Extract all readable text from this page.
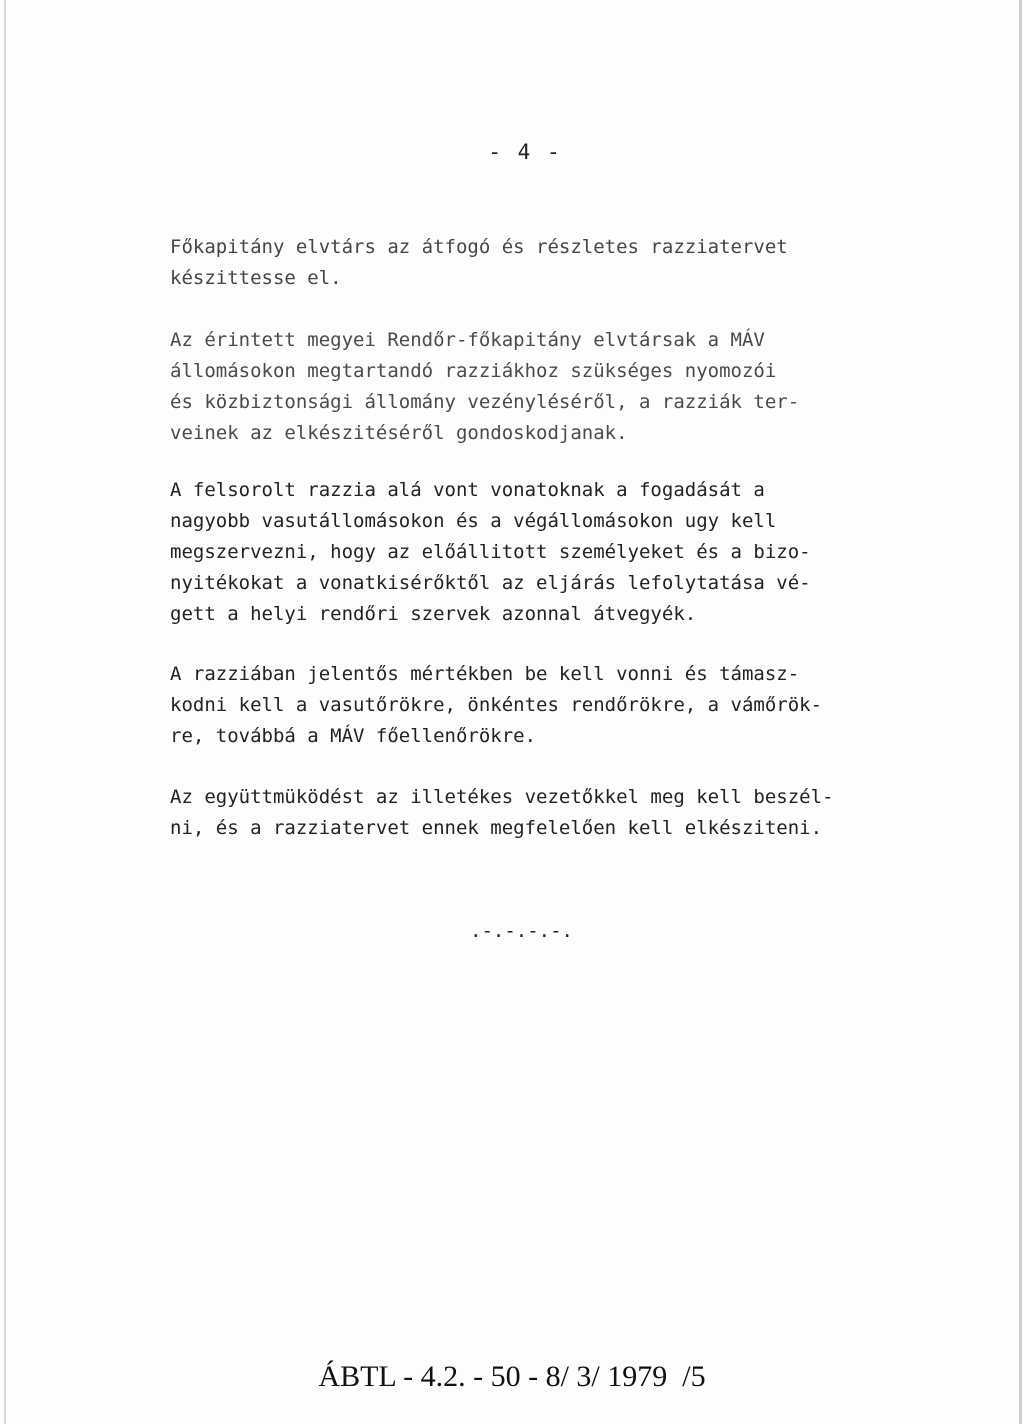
- 4 -

Főkapitány elvtárs az átfogó és részletes razziatervet
készittesse el.

Az érintett megyei Rendőr-főkapitány elvtársak a MÁV
állomásokon megtartandó razziákhoz szükséges nyomozói
és közbiztonsági állomány vezényléséről, a razziák ter-
veinek az elkészitéséről gondoskodjanak.

A felsorolt razzia alá vont vonatoknak a fogadását a
nagyobb vasutállomásokon és a végállomásokon ugy kell
megszervezni, hogy az előállitott személyeket és a bizo-
nyitékokat a vonatkisérőktől az eljárás lefolytatása vé-
gett a helyi rendőri szervek azonnal átvegyék.

A razziában jelentős mértékben be kell vonni és támasz-
kodni kell a vasutőrökre, önkéntes rendőrökre, a vámőrök-
re, továbbá a MÁV főellenőrökre.

Az együttmüködést az illetékes vezetőkkel meg kell beszél-
ni, és a razziatervet ennek megfelelően kell elkésziteni.

.-.-.-.-.
ÁBTL - 4.2. - 50 - 8/ 3/ 1979  /5
